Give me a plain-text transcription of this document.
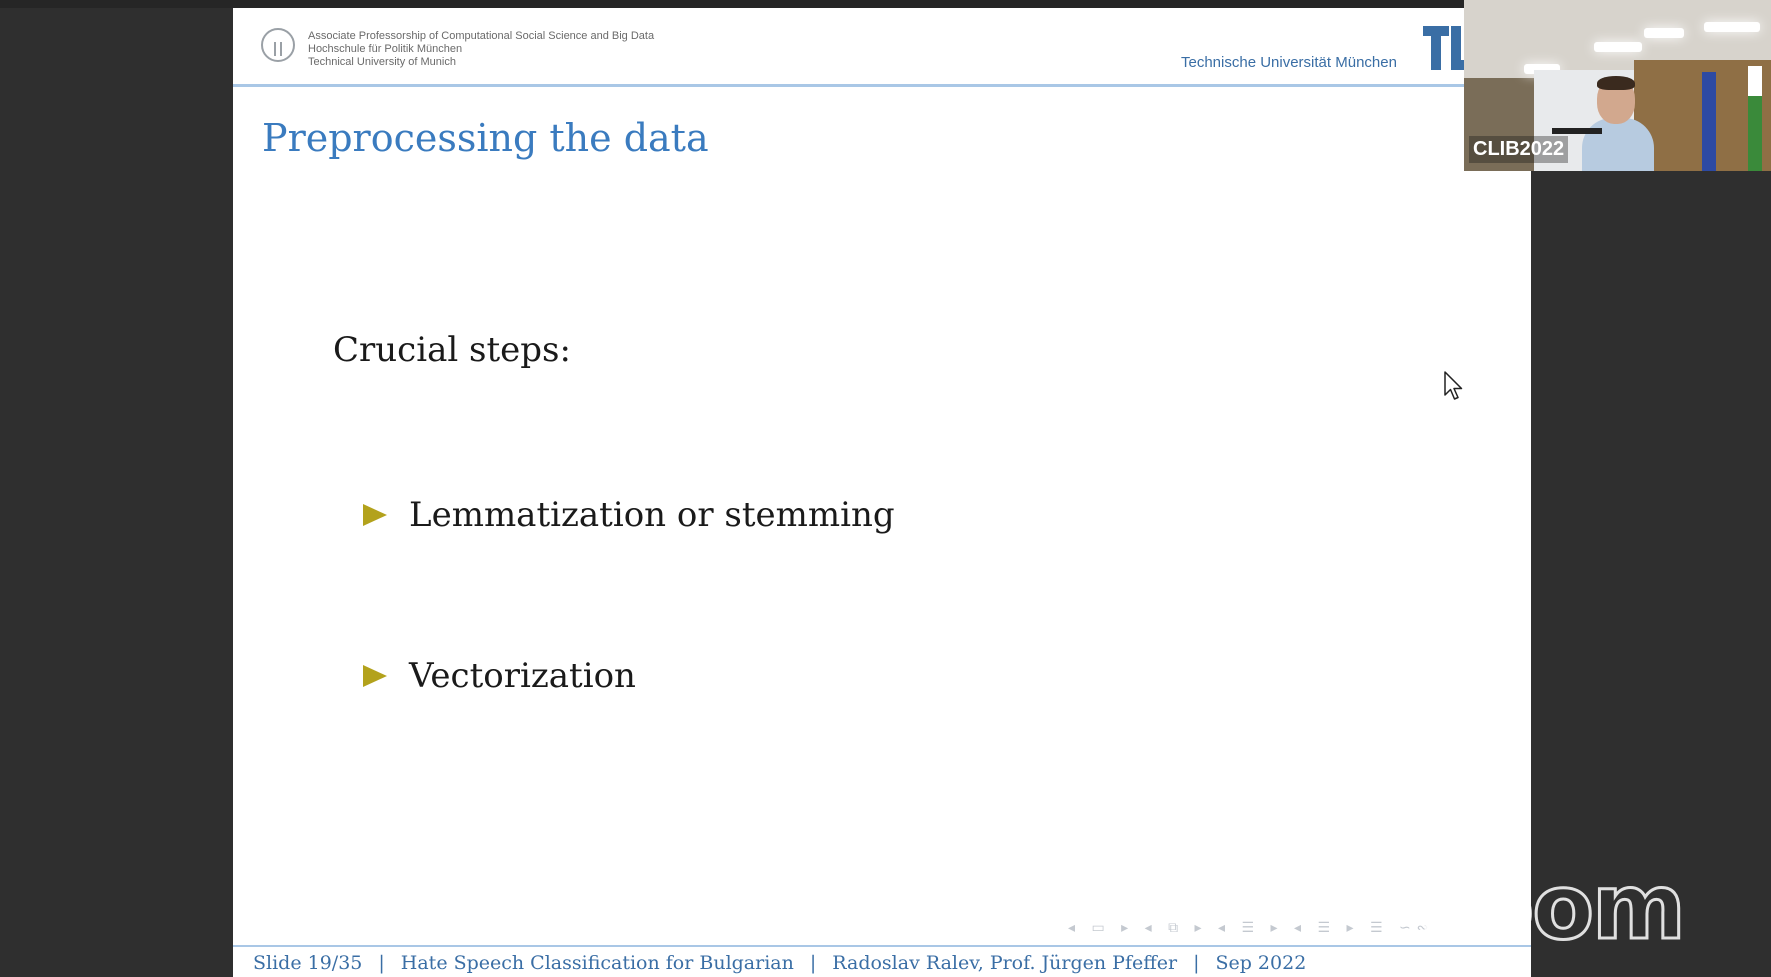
Associate Professorship of Computational Social Science and Big Data
Hochschule für Politik München
Technical University of Munich	Technische Universität München
Preprocessing the data
Crucial steps:
Lemmatization or stemming
Vectorization
◂ ▭ ▸ ◂ ⧉ ▸ ◂ ☰ ▸ ◂ ☰ ▸ ☰ ∽∾
Slide 19/35 | Hate Speech Classification for Bulgarian | Radoslav Ralev, Prof. Jürgen Pfeffer | Sep 2022
CLIB2022
zoom
